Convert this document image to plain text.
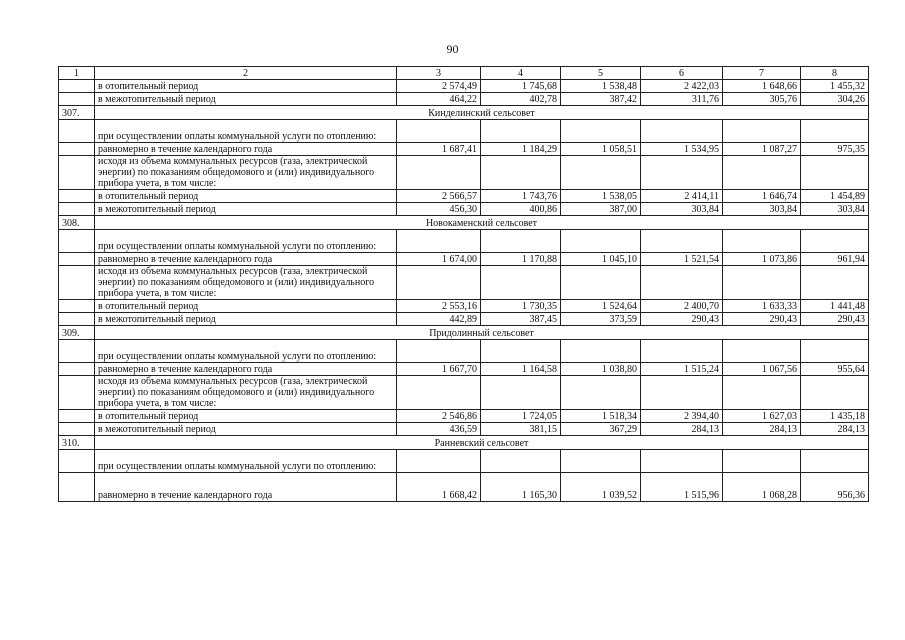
90
1	2	3	4	5	6	7	8
	в отопительный период	2 574,49	1 745,68	1 538,48	2 422,03	1 648,66	1 455,32
	в межотопительный период	464,22	402,78	387,42	311,76	305,76	304,26
307.	Кинделинский сельсовет						
	при осуществлении оплаты коммунальной услуги по отоплению:						
	равномерно в течение календарного года	1 687,41	1 184,29	1 058,51	1 534,95	1 087,27	975,35
	исходя из объема коммунальных ресурсов (газа, электрической энергии) по показаниям общедомового и (или) индивидуального прибора учета, в том числе:						
	в отопительный период	2 566,57	1 743,76	1 538,05	2 414,11	1 646,74	1 454,89
	в межотопительный период	456,30	400,86	387,00	303,84	303,84	303,84
308.	Новокаменский сельсовет						
	при осуществлении оплаты коммунальной услуги по отоплению:						
	равномерно в течение календарного года	1 674,00	1 170,88	1 045,10	1 521,54	1 073,86	961,94
	исходя из объема коммунальных ресурсов (газа, электрической энергии) по показаниям общедомового и (или) индивидуального прибора учета, в том числе:						
	в отопительный период	2 553,16	1 730,35	1 524,64	2 400,70	1 633,33	1 441,48
	в межотопительный период	442,89	387,45	373,59	290,43	290,43	290,43
309.	Придолинный сельсовет						
	при осуществлении оплаты коммунальной услуги по отоплению:						
	равномерно в течение календарного года	1 667,70	1 164,58	1 038,80	1 515,24	1 067,56	955,64
	исходя из объема коммунальных ресурсов (газа, электрической энергии) по показаниям общедомового и (или) индивидуального прибора учета, в том числе:						
	в отопительный период	2 546,86	1 724,05	1 518,34	2 394,40	1 627,03	1 435,18
	в межотопительный период	436,59	381,15	367,29	284,13	284,13	284,13
310.	Ранневский сельсовет						
	при осуществлении оплаты коммунальной услуги по отоплению:						
	равномерно в течение календарного года	1 668,42	1 165,30	1 039,52	1 515,96	1 068,28	956,36
